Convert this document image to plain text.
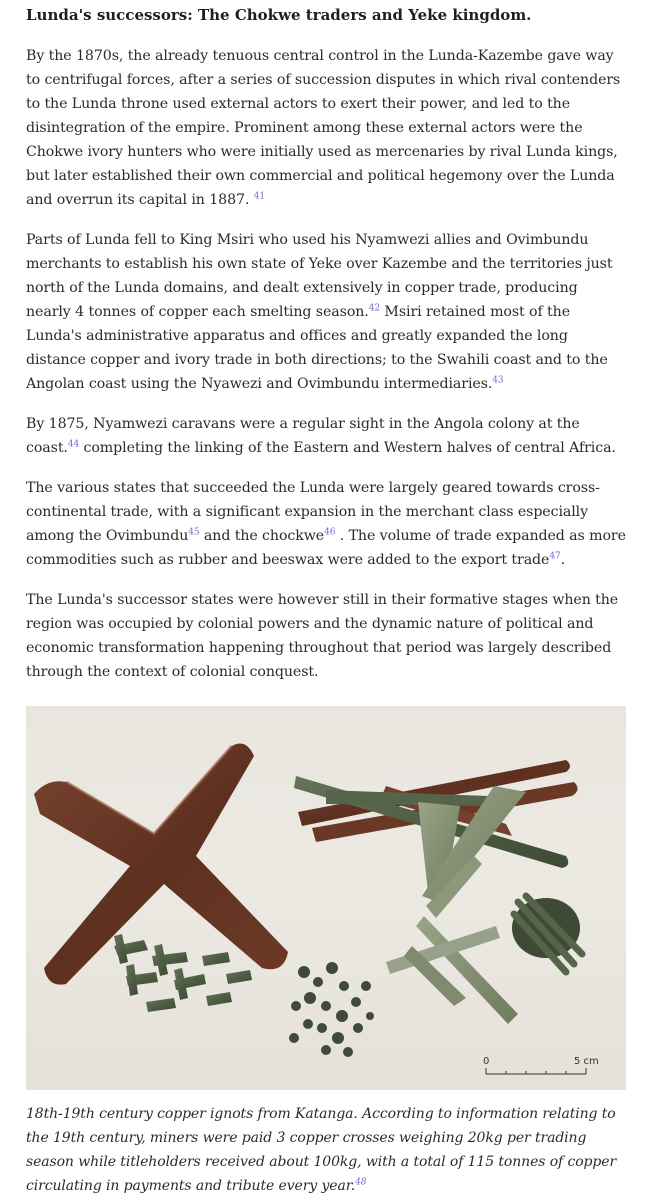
Lunda's successors: The Chokwe traders and Yeke kingdom.

By the 1870s, the already tenuous central control in the Lunda-Kazembe gave way to centrifugal forces, after a series of succession disputes in which rival contenders to the Lunda throne used external actors to exert their power, and led to the disintegration of the empire. Prominent among these external actors were the Chokwe ivory hunters who were initially used as mercenaries by rival Lunda kings, but later established their own commercial and political hegemony over the Lunda and overrun its capital in 1887. $^{41}$

Parts of Lunda fell to King Msiri who used his Nyamwezi allies and Ovimbundu merchants to establish his own state of Yeke over Kazembe and the territories just north of the Lunda domains, and dealt extensively in copper trade, producing nearly 4 tonnes of copper each smelting season.$^{42}$ Msiri retained most of the Lunda's administrative apparatus and offices and greatly expanded the long distance copper and ivory trade in both directions; to the Swahili coast and to the Angolan coast using the Nyawezi and Ovimbundu intermediaries.$^{43}$

By 1875, Nyamwezi caravans were a regular sight in the Angola colony at the coast.$^{44}$ completing the linking of the Eastern and Western halves of central Africa.

The various states that succeeded the Lunda were largely geared towards cross-continental trade, with a significant expansion in the merchant class especially among the Ovimbundu$^{45}$ and the chockwe$^{46}$ . The volume of trade expanded as more commodities such as rubber and beeswax were added to the export trade$^{47}$.

The Lunda's successor states were however still in their formative stages when the region was occupied by colonial powers and the dynamic nature of political and economic transformation happening throughout that period was largely described through the context of colonial conquest.

0	5 cm

18th-19th century copper ignots from Katanga. According to information relating to the 19th century, miners were paid 3 copper crosses weighing 20kg per trading season while titleholders received about 100kg, with a total of 115 tonnes of copper circulating in payments and tribute every year.$^{48}$
